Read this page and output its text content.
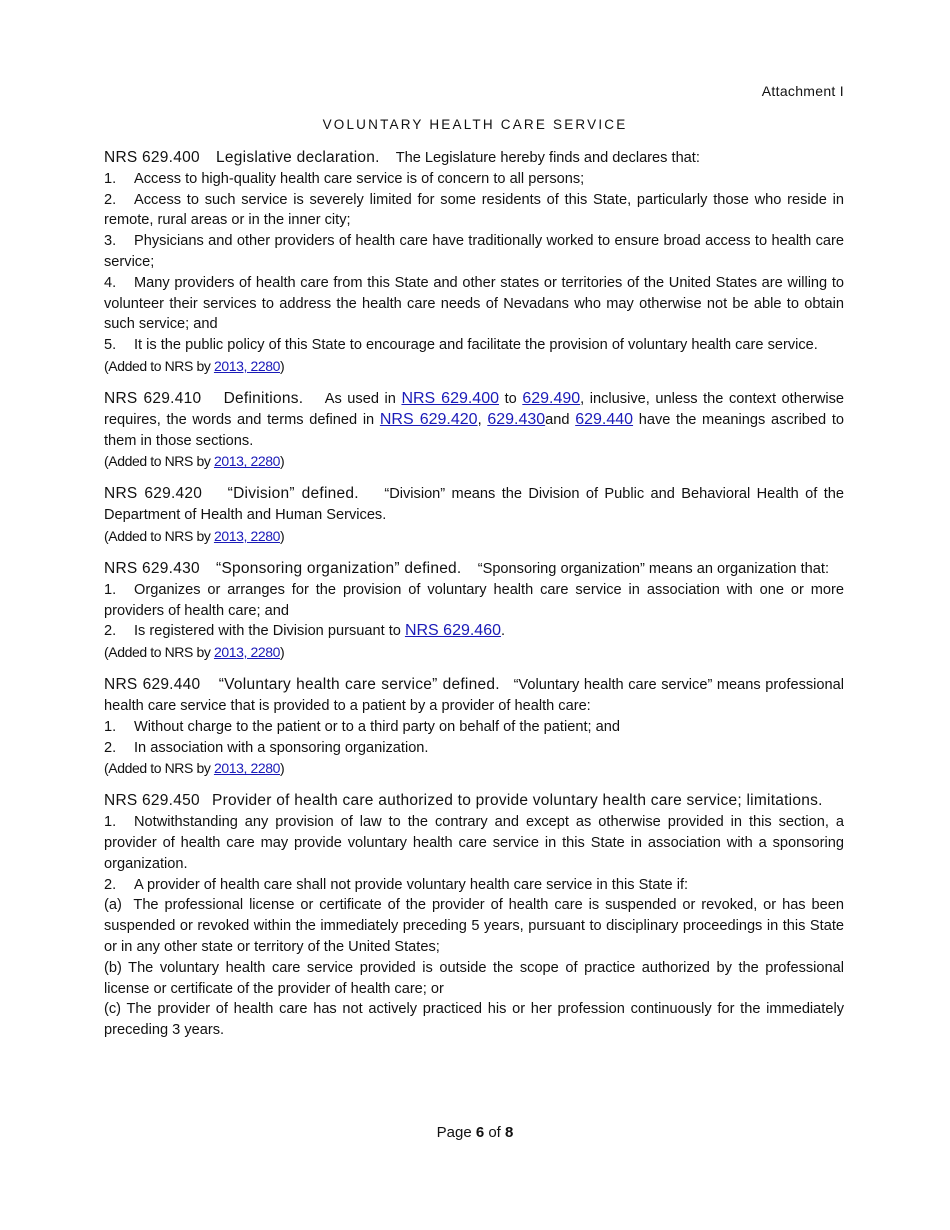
Attachment I
VOLUNTARY HEALTH CARE SERVICE

NRS 629.400 Legislative declaration. The Legislature hereby finds and declares that:

1. Access to high-quality health care service is of concern to all persons;

2. Access to such service is severely limited for some residents of this State, particularly those who reside in remote, rural areas or in the inner city;

3. Physicians and other providers of health care have traditionally worked to ensure broad access to health care service;

4. Many providers of health care from this State and other states or territories of the United States are willing to volunteer their services to address the health care needs of Nevadans who may otherwise not be able to obtain such service; and

5. It is the public policy of this State to encourage and facilitate the provision of voluntary health care service.

(Added to NRS by 2013, 2280)

NRS 629.410 Definitions. As used in NRS 629.400 to 629.490, inclusive, unless the context otherwise requires, the words and terms defined in NRS 629.420, 629.430and 629.440 have the meanings ascribed to them in those sections.

(Added to NRS by 2013, 2280)

NRS 629.420 “Division” defined. “Division” means the Division of Public and Behavioral Health of the Department of Health and Human Services.

(Added to NRS by 2013, 2280)

NRS 629.430 “Sponsoring organization” defined. “Sponsoring organization” means an organization that:

1. Organizes or arranges for the provision of voluntary health care service in association with one or more providers of health care; and

2. Is registered with the Division pursuant to NRS 629.460.

(Added to NRS by 2013, 2280)

NRS 629.440 “Voluntary health care service” defined. “Voluntary health care service” means professional health care service that is provided to a patient by a provider of health care:

1. Without charge to the patient or to a third party on behalf of the patient; and

2. In association with a sponsoring organization.

(Added to NRS by 2013, 2280)

NRS 629.450 Provider of health care authorized to provide voluntary health care service; limitations.

1. Notwithstanding any provision of law to the contrary and except as otherwise provided in this section, a provider of health care may provide voluntary health care service in this State in association with a sponsoring organization.

2. A provider of health care shall not provide voluntary health care service in this State if:

(a) The professional license or certificate of the provider of health care is suspended or revoked, or has been suspended or revoked within the immediately preceding 5 years, pursuant to disciplinary proceedings in this State or in any other state or territory of the United States;

(b) The voluntary health care service provided is outside the scope of practice authorized by the professional license or certificate of the provider of health care; or

(c) The provider of health care has not actively practiced his or her profession continuously for the immediately preceding 3 years.

Page 6 of 8
